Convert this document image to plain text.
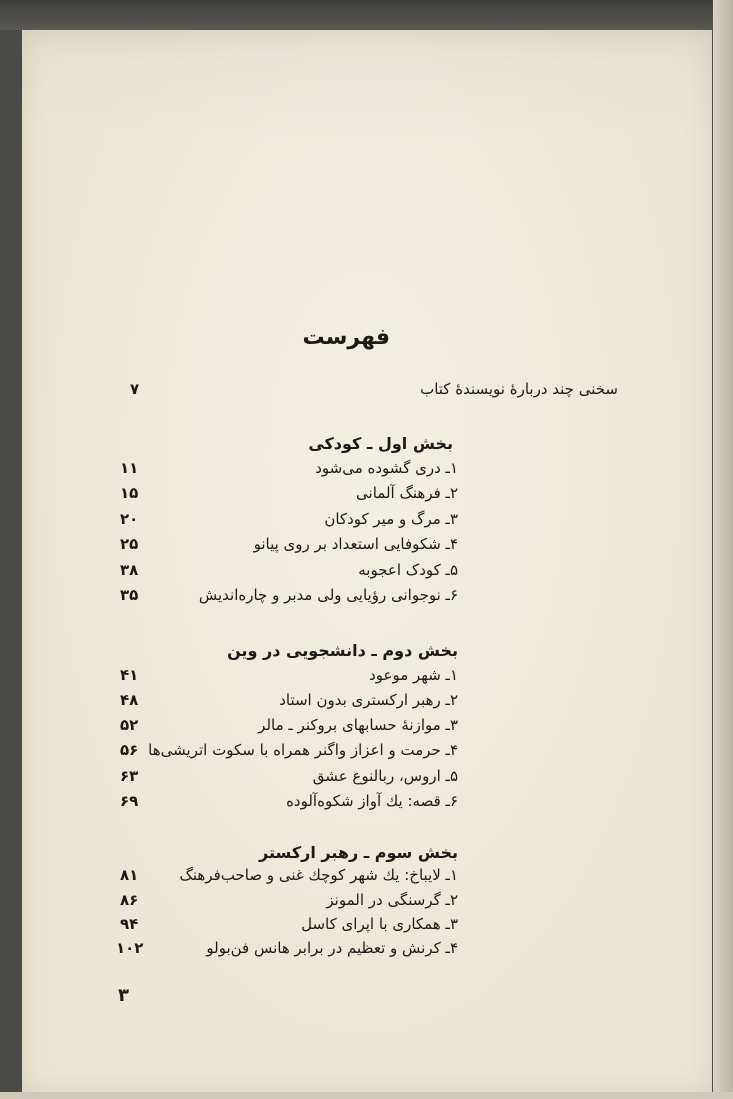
فهرست
سخنی چند دربارۀ نویسندۀ کتاب
۷
بخش اول ـ کودکی
۱ـ دری گشوده می‌شود
۱۱
۲ـ فرهنگ آلمانی
۱۵
۳ـ مرگ و میر کودکان
۲۰
۴ـ شکوفایی استعداد بر روی پیانو
۲۵
۵ـ کودک اعجوبه
۳۸
۶ـ نوجوانی رؤیایی ولی مدبر و چاره‌اندیش
۳۵
بخش دوم ـ دانشجویی در وین
۱ـ شهر موعود
۴۱
۲ـ رهبر ارکستری بدون استاد
۴۸
۳ـ موازنۀ حسابهای بروکنر ـ مالر
۵۲
۴ـ حرمت و اعزاز واگنر همراه با سکوت اتریشی‌ها
۵۶
۵ـ اروس، ربالنوع عشق
۶۳
۶ـ قصه: یك آواز شکوه‌آلوده
۶۹
بخش سوم ـ رهبر ارکستر
۱ـ لایباخ: یك شهر کوچك غنی و صاحب‌فرهنگ
۸۱
۲ـ گرسنگی در المونز
۸۶
۳ـ همکاری با اپرای کاسل
۹۴
۴ـ کرنش و تعظیم در برابر هانس فن‌بولو
۱۰۲
۳
